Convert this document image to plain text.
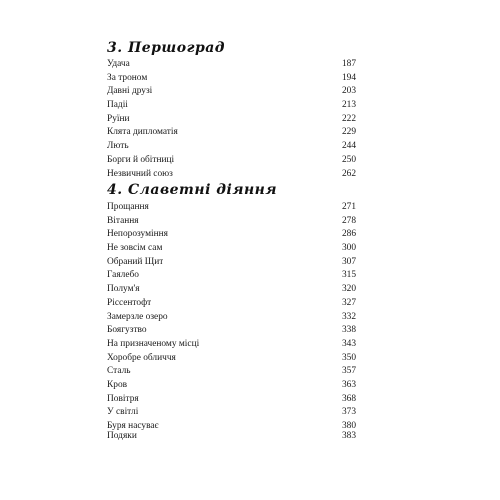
3. Першоград
Удача	187
За троном	194
Давні друзі	203
Падіі	213
Руїни	222
Клята дипломатія	229
Лють	244
Борги й обітниці	250
Незвичний союз	262
4. Славетні діяння
Прощання	271
Вітання	278
Непорозуміння	286
Не зовсім сам	300
Обраний Щит	307
Гаялебо	315
Полум'я	320
Ріссентофт	327
Замерзле озеро	332
Боягузтво	338
На призначеному місці	343
Хоробре обличчя	350
Сталь	357
Кров	363
Повітря	368
У світлі	373
Буря насуває	380
Подяки	383
